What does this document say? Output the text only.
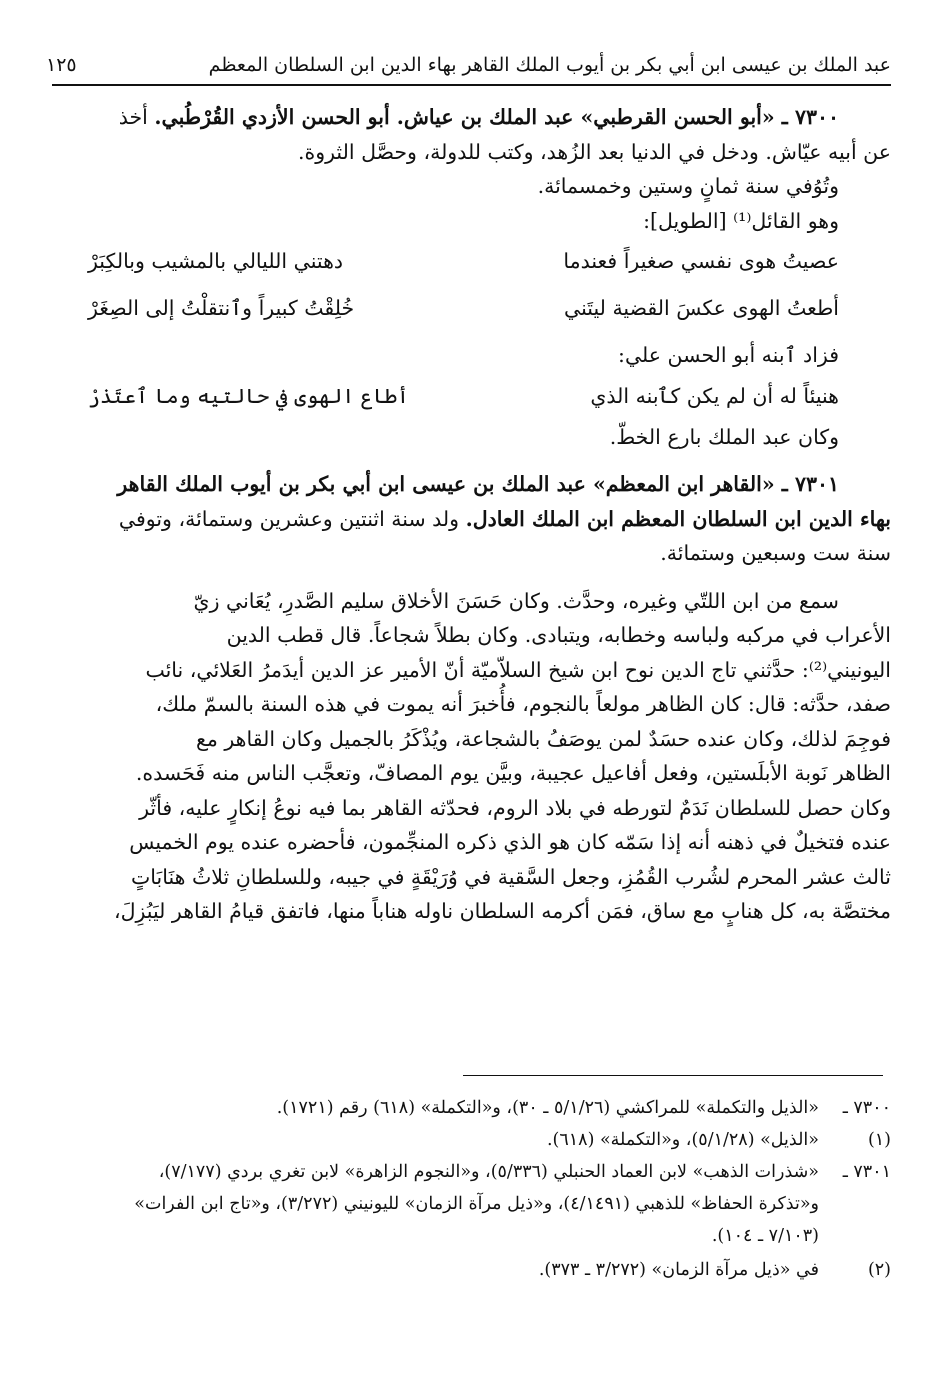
عبد الملك بن عيسى ابن أبي بكر بن أيوب الملك القاهر بهاء الدين ابن السلطان المعظم
١٢٥

٧٣٠٠ ـ «أبو الحسن القرطبي» عبد الملك بن عياش. أبو الحسن الأزدي القُرْطُبي. أخذ

عن أبيه عيّاش. ودخل في الدنيا بعد الزُهد، وكتب للدولة، وحصَّل الثروة.

وتُوُفي سنة ثمانٍ وستين وخمسمائة.

وهو القائل⁽¹⁾ [الطويل]:

عصيتُ هوى نفسي صغيراً فعندما
دهتني الليالي بالمشيب وبالكِبَرْ
أطعتُ الهوى عكسَ القضية ليتَني
خُلِقْتُ كبيراً وٱنتقلْتُ إلى الصِغَرْ

فزاد ٱبنه أبو الحسن علي:

هنيئاً له أن لم يكن كٱبنه الذي
أطاع الهوى في حالتيه وما ٱعتَذرْ

وكان عبد الملك بارع الخطّ.

٧٣٠١ ـ «القاهر ابن المعظم» عبد الملك بن عيسى ابن أبي بكر بن أيوب الملك القاهر

بهاء الدين ابن السلطان المعظم ابن الملك العادل. ولد سنة اثنتين وعشرين وستمائة، وتوفي

سنة ست وسبعين وستمائة.

سمع من ابن اللتّي وغيره، وحدَّث. وكان حَسَنَ الأخلاق سليم الصَّدرِ، يُعَاني زيّ

الأعراب في مركبه ولباسه وخطابه، ويتبادى. وكان بطلاً شجاعاً. قال قطب الدين

اليونيني⁽²⁾: حدَّثني تاج الدين نوح ابن شيخ السلاّميّة أنّ الأمير عز الدين أيدَمرُ العَلائي، نائب

صفد، حدَّثه: قال: كان الظاهر مولعاً بالنجوم، فأُخبرَ أنه يموت في هذه السنة بالسمّ ملك،

فوجِمَ لذلك، وكان عنده حسَدٌ لمن يوصَفُ بالشجاعة، ويُذْكَرُ بالجميل وكان القاهر مع

الظاهر نَوبة الأبلَستين، وفعل أفاعيل عجيبة، وبيَّن يوم المصافّ، وتعجَّب الناس منه فَحَسده.

وكان حصل للسلطان نَدَمٌ لتورطه في بلاد الروم، فحدّثه القاهر بما فيه نوعُ إنكارٍ عليه، فأثّر

عنده فتخيلٌ في ذهنه أنه إذا سَمّه كان هو الذي ذكره المنجِّمون، فأحضره عنده يوم الخميس

ثالث عشر المحرم لشُرب القُمُزِ، وجعل السَّقية في وُرَيْقَةٍ في جيبه، وللسلطانِ ثلاثُ هنَابَاتٍ

مختصَّة به، كل هنابٍ مع ساق، فمَن أكرمه السلطان ناوله هناباً منها، فاتفق قيامُ القاهر ليَبُزِلَ،

٧٣٠٠ ـ
«الذيل والتكملة» للمراكشي (٥/١/٢٦ ـ ٣٠)، و«التكملة» (٦١٨) رقم (١٧٢١).
(١)
«الذيل» (٥/١/٢٨)، و«التكملة» (٦١٨).
٧٣٠١ ـ
«شذرات الذهب» لابن العماد الحنبلي (٥/٣٣٦)، و«النجوم الزاهرة» لابن تغري بردي (٧/١٧٧)،
و«تذكرة الحفاظ» للذهبي (٤/١٤٩١)، و«ذيل مرآة الزمان» لليونيني (٣/٢٧٢)، و«تاج ابن الفرات»
(٧/١٠٣ ـ ١٠٤).
(٢)
في «ذيل مرآة الزمان» (٣/٢٧٢ ـ ٣٧٣).
